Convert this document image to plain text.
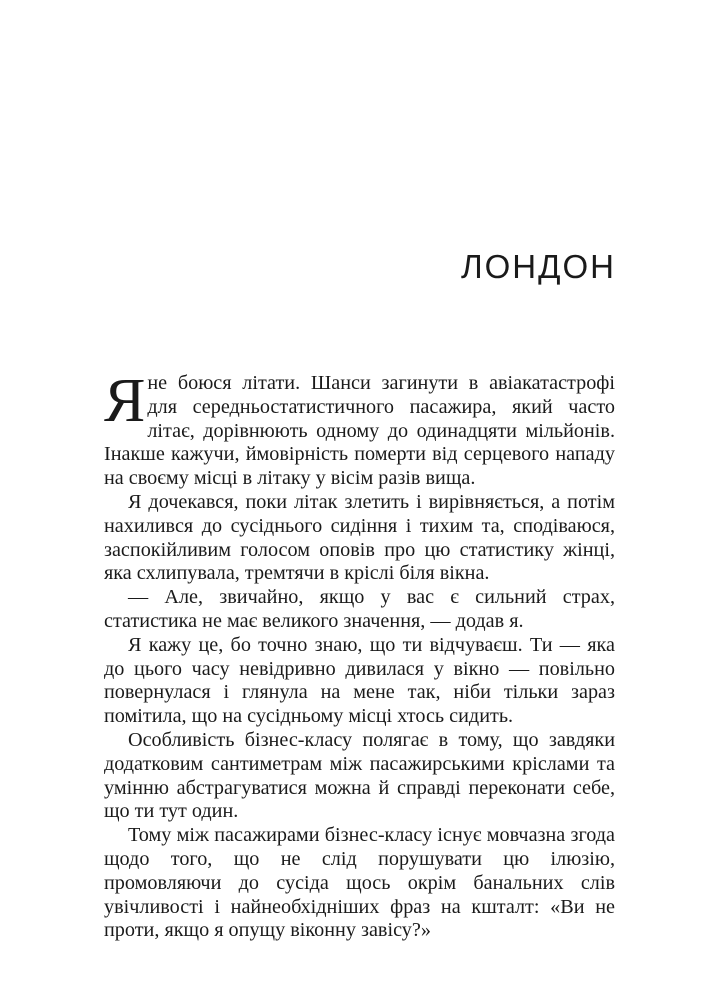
ЛОНДОН

Яне боюся літати. Шанси загинути в авіакатастрофі для середньостатистичного пасажира, який часто літає, дорівнюють одному до одинадцяти мільйонів. Інакше кажучи, ймовірність померти від серцевого нападу на своєму місці в літаку у вісім разів вища.

Я дочекався, поки літак злетить і вирівняється, а потім нахилився до сусіднього сидіння і тихим та, сподіваюся, заспокійливим голосом оповів про цю статистику жінці, яка схлипувала, тремтячи в кріслі біля вікна.

— Але, звичайно, якщо у вас є сильний страх, статистика не має великого значення, — додав я.

Я кажу це, бо точно знаю, що ти відчуваєш. Ти — яка до цього часу невідривно дивилася у вікно — повільно повернулася і глянула на мене так, ніби тільки зараз помітила, що на сусідньому місці хтось сидить.

Особливість бізнес-класу полягає в тому, що завдяки додатковим сантиметрам між пасажирськими кріслами та умінню абстрагуватися можна й справді переконати себе, що ти тут один.

Тому між пасажирами бізнес-класу існує мовчазна згода щодо того, що не слід порушувати цю ілюзію, промовляючи до сусіда щось окрім банальних слів увічливості і найнеобхідніших фраз на кшталт: «Ви не проти, якщо я опущу віконну завісу?»
